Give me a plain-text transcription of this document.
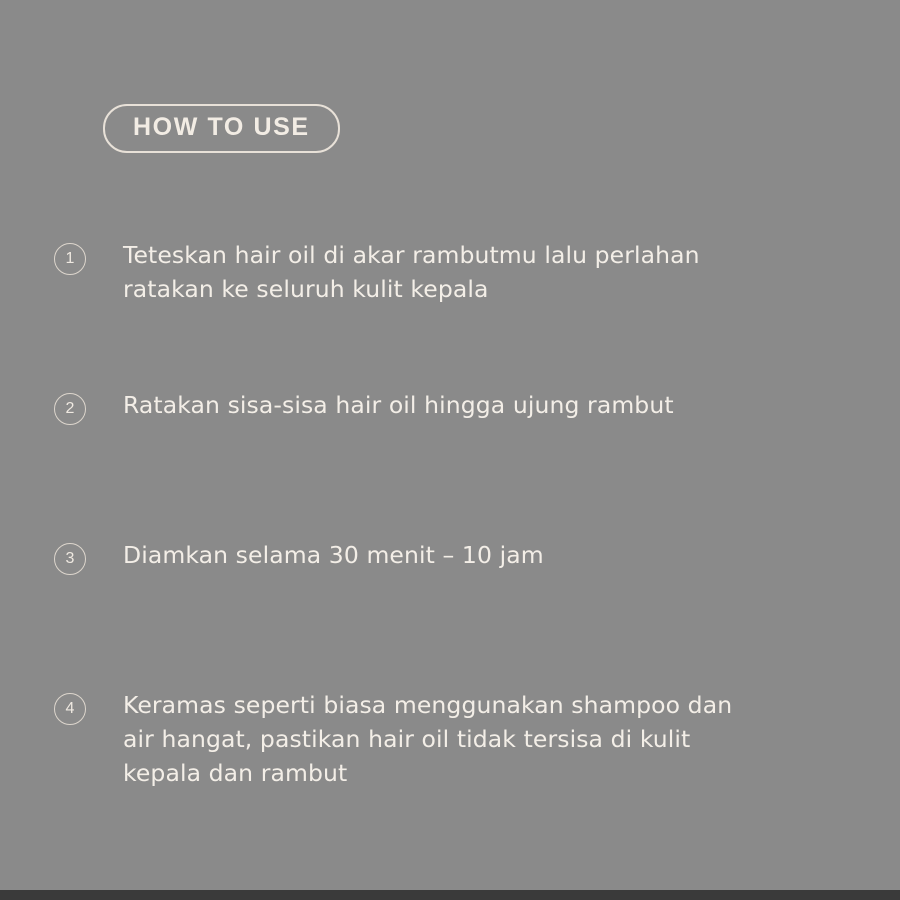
HOW TO USE
1	Teteskan hair oil di akar rambutmu lalu perlahan ratakan ke seluruh kulit kepala
2	Ratakan sisa-sisa hair oil hingga ujung rambut
3	Diamkan selama 30 menit – 10 jam
4	Keramas seperti biasa menggunakan shampoo dan air hangat, pastikan hair oil tidak tersisa di kulit kepala dan rambut
